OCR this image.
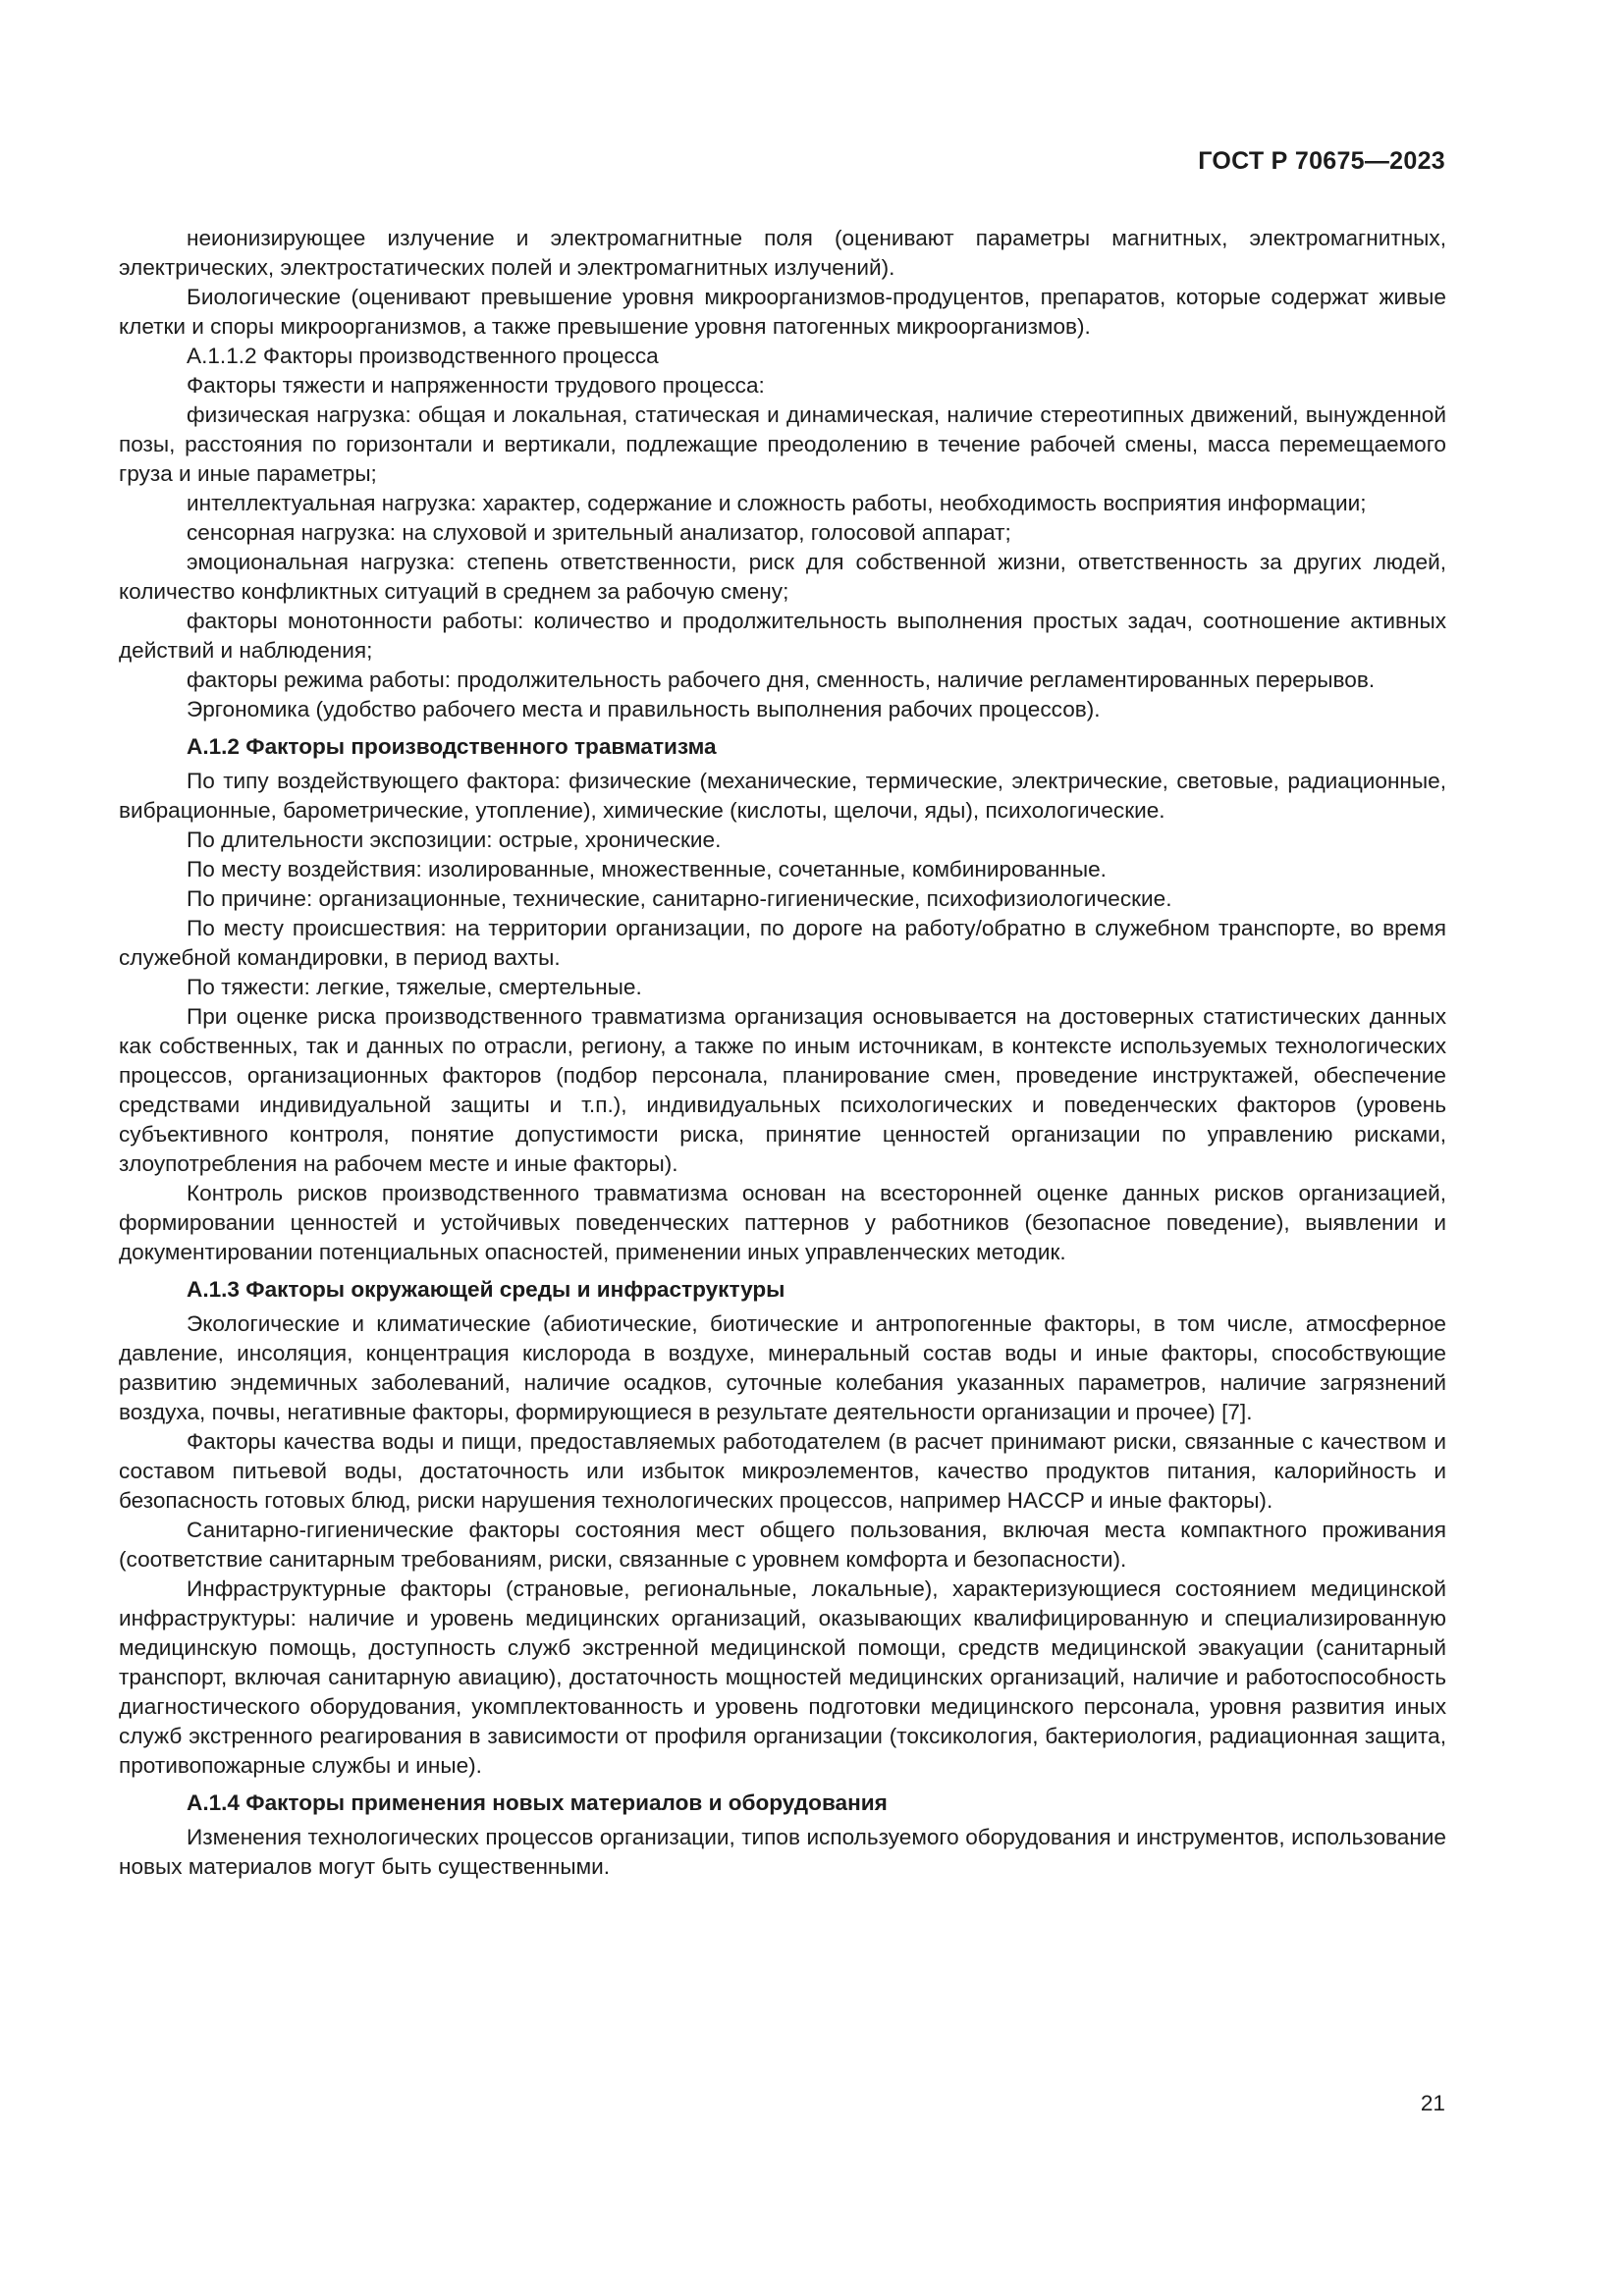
ГОСТ Р 70675—2023

неионизирующее излучение и электромагнитные поля (оценивают параметры магнитных, электромагнитных, электрических, электростатических полей и электромагнитных излучений).

Биологические (оценивают превышение уровня микроорганизмов-продуцентов, препаратов, которые содержат живые клетки и споры микроорганизмов, а также превышение уровня патогенных микроорганизмов).

А.1.1.2 Факторы производственного процесса

Факторы тяжести и напряженности трудового процесса:

физическая нагрузка: общая и локальная, статическая и динамическая, наличие стереотипных движений, вынужденной позы, расстояния по горизонтали и вертикали, подлежащие преодолению в течение рабочей смены, масса перемещаемого груза и иные параметры;

интеллектуальная нагрузка: характер, содержание и сложность работы, необходимость восприятия информации;

сенсорная нагрузка: на слуховой и зрительный анализатор, голосовой аппарат;

эмоциональная нагрузка: степень ответственности, риск для собственной жизни, ответственность за других людей, количество конфликтных ситуаций в среднем за рабочую смену;

факторы монотонности работы: количество и продолжительность выполнения простых задач, соотношение активных действий и наблюдения;

факторы режима работы: продолжительность рабочего дня, сменность, наличие регламентированных перерывов.

Эргономика (удобство рабочего места и правильность выполнения рабочих процессов).

А.1.2 Факторы производственного травматизма

По типу воздействующего фактора: физические (механические, термические, электрические, световые, радиационные, вибрационные, барометрические, утопление), химические (кислоты, щелочи, яды), психологические.

По длительности экспозиции: острые, хронические.

По месту воздействия: изолированные, множественные, сочетанные, комбинированные.

По причине: организационные, технические, санитарно-гигиенические, психофизиологические.

По месту происшествия: на территории организации, по дороге на работу/обратно в служебном транспорте, во время служебной командировки, в период вахты.

По тяжести: легкие, тяжелые, смертельные.

При оценке риска производственного травматизма организация основывается на достоверных статистических данных как собственных, так и данных по отрасли, региону, а также по иным источникам, в контексте используемых технологических процессов, организационных факторов (подбор персонала, планирование смен, проведение инструктажей, обеспечение средствами индивидуальной защиты и т.п.), индивидуальных психологических и поведенческих факторов (уровень субъективного контроля, понятие допустимости риска, принятие ценностей организации по управлению рисками, злоупотребления на рабочем месте и иные факторы).

Контроль рисков производственного травматизма основан на всесторонней оценке данных рисков организацией, формировании ценностей и устойчивых поведенческих паттернов у работников (безопасное поведение), выявлении и документировании потенциальных опасностей, применении иных управленческих методик.

А.1.3 Факторы окружающей среды и инфраструктуры

Экологические и климатические (абиотические, биотические и антропогенные факторы, в том числе, атмосферное давление, инсоляция, концентрация кислорода в воздухе, минеральный состав воды и иные факторы, способствующие развитию эндемичных заболеваний, наличие осадков, суточные колебания указанных параметров, наличие загрязнений воздуха, почвы, негативные факторы, формирующиеся в результате деятельности организации и прочее) [7].

Факторы качества воды и пищи, предоставляемых работодателем (в расчет принимают риски, связанные с качеством и составом питьевой воды, достаточность или избыток микроэлементов, качество продуктов питания, калорийность и безопасность готовых блюд, риски нарушения технологических процессов, например HACCP и иные факторы).

Санитарно-гигиенические факторы состояния мест общего пользования, включая места компактного проживания (соответствие санитарным требованиям, риски, связанные с уровнем комфорта и безопасности).

Инфраструктурные факторы (страновые, региональные, локальные), характеризующиеся состоянием медицинской инфраструктуры: наличие и уровень медицинских организаций, оказывающих квалифицированную и специализированную медицинскую помощь, доступность служб экстренной медицинской помощи, средств медицинской эвакуации (санитарный транспорт, включая санитарную авиацию), достаточность мощностей медицинских организаций, наличие и работоспособность диагностического оборудования, укомплектованность и уровень подготовки медицинского персонала, уровня развития иных служб экстренного реагирования в зависимости от профиля организации (токсикология, бактериология, радиационная защита, противопожарные службы и иные).

А.1.4 Факторы применения новых материалов и оборудования

Изменения технологических процессов организации, типов используемого оборудования и инструментов, использование новых материалов могут быть существенными.

21
